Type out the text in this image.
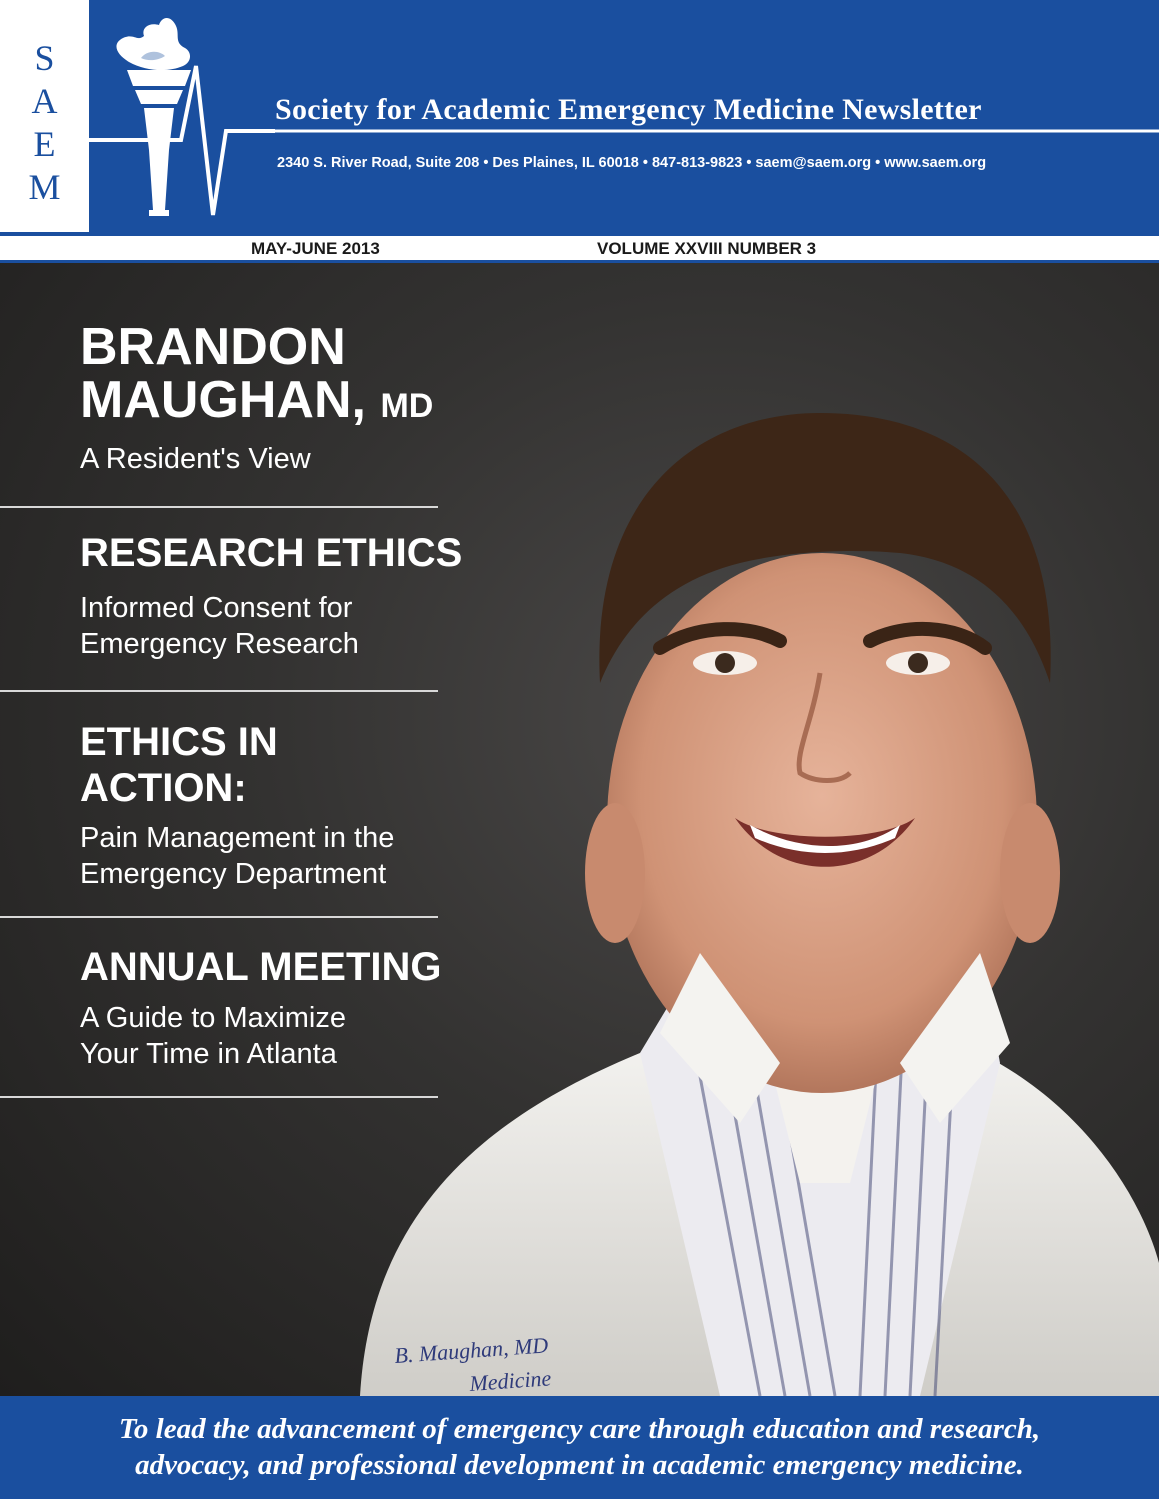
S
A
E
M
Society for Academic Emergency Medicine Newsletter
2340 S. River Road, Suite 208 • Des Plaines, IL 60018 • 847-813-9823 • saem@saem.org • www.saem.org
MAY-JUNE 2013	VOLUME XXVIII NUMBER 3
B. Maughan, MD
Medicine
BRANDON
MAUGHAN, MD
A Resident's View
RESEARCH ETHICS
Informed Consent for
Emergency Research
ETHICS IN
ACTION:
Pain Management in the
Emergency Department
ANNUAL MEETING
A Guide to Maximize
Your Time in Atlanta
To lead the advancement of emergency care through education and research,
advocacy, and professional development in academic emergency medicine.
